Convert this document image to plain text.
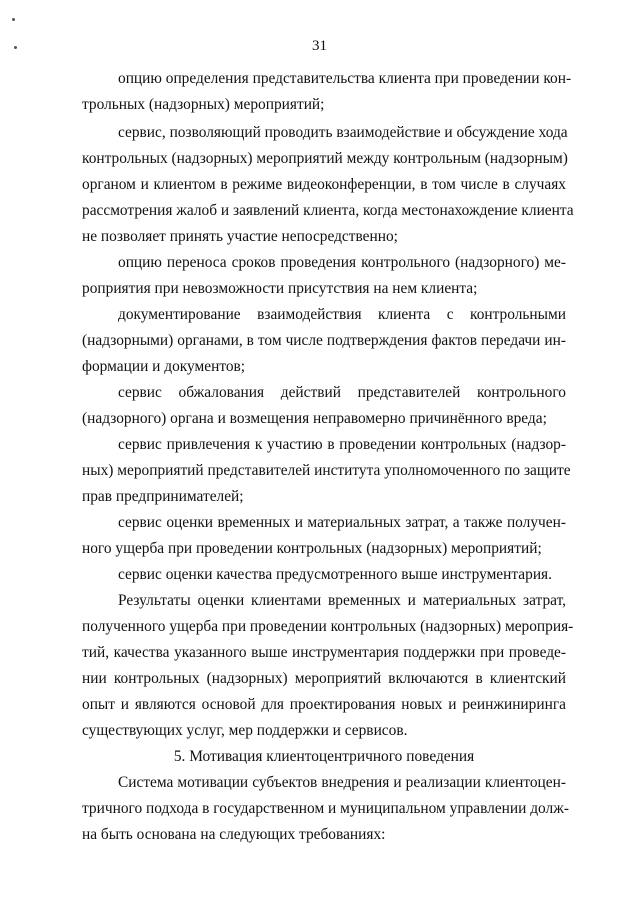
31
опцию определения представительства клиента при проведении кон-
трольных (надзорных) мероприятий;
сервис, позволяющий проводить взаимодействие и обсуждение хода
контрольных (надзорных) мероприятий между контрольным (надзорным)
органом и клиентом в режиме видеоконференции, в том числе в случаях
рассмотрения жалоб и заявлений клиента, когда местонахождение клиента
не позволяет принять участие непосредственно;
опцию переноса сроков проведения контрольного (надзорного) ме-
роприятия при невозможности присутствия на нем клиента;
документирование взаимодействия клиента с контрольными
(надзорными) органами, в том числе подтверждения фактов передачи ин-
формации и документов;
сервис обжалования действий представителей контрольного
(надзорного) органа и возмещения неправомерно причинённого вреда;
сервис привлечения к участию в проведении контрольных (надзор-
ных) мероприятий представителей института уполномоченного по защите
прав предпринимателей;
сервис оценки временных и материальных затрат, а также получен-
ного ущерба при проведении контрольных (надзорных) мероприятий;
сервис оценки качества предусмотренного выше инструментария.
Результаты оценки клиентами временных и материальных затрат,
полученного ущерба при проведении контрольных (надзорных) мероприя-
тий, качества указанного выше инструментария поддержки при проведе-
нии контрольных (надзорных) мероприятий включаются в клиентский
опыт и являются основой для проектирования новых и реинжиниринга
существующих услуг, мер поддержки и сервисов.
5. Мотивация клиентоцентричного поведения
Система мотивации субъектов внедрения и реализации клиентоцен-
тричного подхода в государственном и муниципальном управлении долж-
на быть основана на следующих требованиях:
